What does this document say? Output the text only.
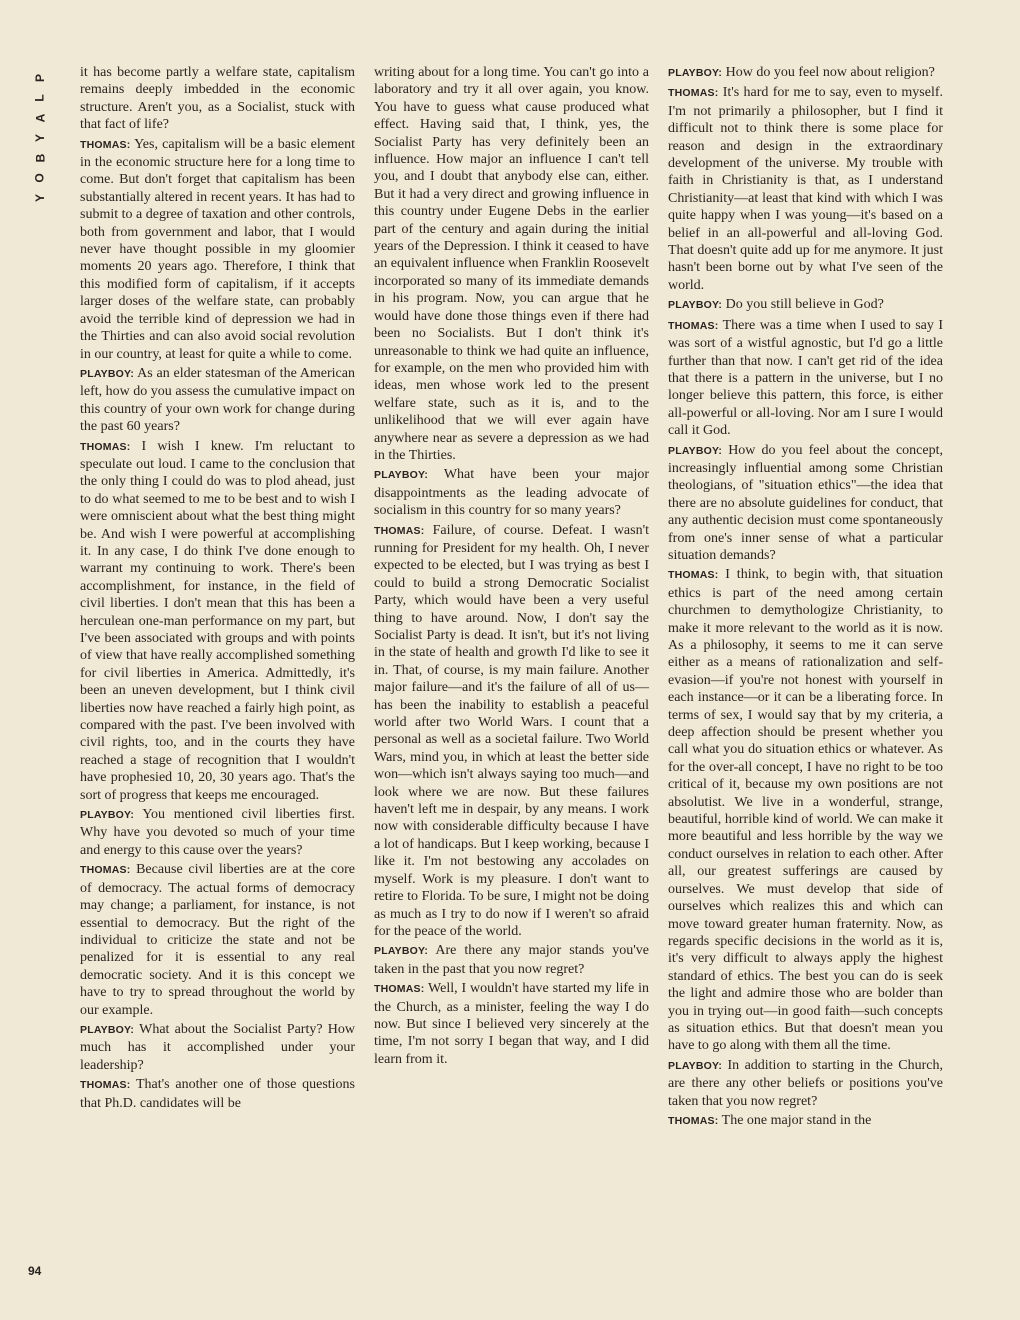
P
L
A
Y
B
O
Y

it has become partly a welfare state, capitalism remains deeply imbedded in the economic structure. Aren't you, as a Socialist, stuck with that fact of life?

THOMAS: Yes, capitalism will be a basic element in the economic structure here for a long time to come. But don't forget that capitalism has been substantially altered in recent years. It has had to submit to a degree of taxation and other controls, both from government and labor, that I would never have thought possible in my gloomier moments 20 years ago. Therefore, I think that this modified form of capitalism, if it accepts larger doses of the welfare state, can probably avoid the terrible kind of depression we had in the Thirties and can also avoid social revolution in our country, at least for quite a while to come.

PLAYBOY: As an elder statesman of the American left, how do you assess the cumulative impact on this country of your own work for change during the past 60 years?

THOMAS: I wish I knew. I'm reluctant to speculate out loud. I came to the conclusion that the only thing I could do was to plod ahead, just to do what seemed to me to be best and to wish I were omniscient about what the best thing might be. And wish I were powerful at accomplishing it. In any case, I do think I've done enough to warrant my continuing to work. There's been accomplishment, for instance, in the field of civil liberties. I don't mean that this has been a herculean one-man performance on my part, but I've been associated with groups and with points of view that have really accomplished something for civil liberties in America. Admittedly, it's been an uneven development, but I think civil liberties now have reached a fairly high point, as compared with the past. I've been involved with civil rights, too, and in the courts they have reached a stage of recognition that I wouldn't have prophesied 10, 20, 30 years ago. That's the sort of progress that keeps me encouraged.

PLAYBOY: You mentioned civil liberties first. Why have you devoted so much of your time and energy to this cause over the years?

THOMAS: Because civil liberties are at the core of democracy. The actual forms of democracy may change; a parliament, for instance, is not essential to democracy. But the right of the individual to criticize the state and not be penalized for it is essential to any real democratic society. And it is this concept we have to try to spread throughout the world by our example.

PLAYBOY: What about the Socialist Party? How much has it accomplished under your leadership?

THOMAS: That's another one of those questions that Ph.D. candidates will be

writing about for a long time. You can't go into a laboratory and try it all over again, you know. You have to guess what cause produced what effect. Having said that, I think, yes, the Socialist Party has very definitely been an influence. How major an influence I can't tell you, and I doubt that anybody else can, either. But it had a very direct and growing influence in this country under Eugene Debs in the earlier part of the century and again during the initial years of the Depression. I think it ceased to have an equivalent influence when Franklin Roosevelt incorporated so many of its immediate demands in his program. Now, you can argue that he would have done those things even if there had been no Socialists. But I don't think it's unreasonable to think we had quite an influence, for example, on the men who provided him with ideas, men whose work led to the present welfare state, such as it is, and to the unlikelihood that we will ever again have anywhere near as severe a depression as we had in the Thirties.

PLAYBOY: What have been your major disappointments as the leading advocate of socialism in this country for so many years?

THOMAS: Failure, of course. Defeat. I wasn't running for President for my health. Oh, I never expected to be elected, but I was trying as best I could to build a strong Democratic Socialist Party, which would have been a very useful thing to have around. Now, I don't say the Socialist Party is dead. It isn't, but it's not living in the state of health and growth I'd like to see it in. That, of course, is my main failure. Another major failure—and it's the failure of all of us—has been the inability to establish a peaceful world after two World Wars. I count that a personal as well as a societal failure. Two World Wars, mind you, in which at least the better side won—which isn't always saying too much—and look where we are now. But these failures haven't left me in despair, by any means. I work now with considerable difficulty because I have a lot of handicaps. But I keep working, because I like it. I'm not bestowing any accolades on myself. Work is my pleasure. I don't want to retire to Florida. To be sure, I might not be doing as much as I try to do now if I weren't so afraid for the peace of the world.

PLAYBOY: Are there any major stands you've taken in the past that you now regret?

THOMAS: Well, I wouldn't have started my life in the Church, as a minister, feeling the way I do now. But since I believed very sincerely at the time, I'm not sorry I began that way, and I did learn from it.

PLAYBOY: How do you feel now about religion?

THOMAS: It's hard for me to say, even to myself. I'm not primarily a philosopher, but I find it difficult not to think there is some place for reason and design in the extraordinary development of the universe. My trouble with faith in Christianity is that, as I understand Christianity—at least that kind with which I was quite happy when I was young—it's based on a belief in an all-powerful and all-loving God. That doesn't quite add up for me anymore. It just hasn't been borne out by what I've seen of the world.

PLAYBOY: Do you still believe in God?

THOMAS: There was a time when I used to say I was sort of a wistful agnostic, but I'd go a little further than that now. I can't get rid of the idea that there is a pattern in the universe, but I no longer believe this pattern, this force, is either all-powerful or all-loving. Nor am I sure I would call it God.

PLAYBOY: How do you feel about the concept, increasingly influential among some Christian theologians, of "situation ethics"—the idea that there are no absolute guidelines for conduct, that any authentic decision must come spontaneously from one's inner sense of what a particular situation demands?

THOMAS: I think, to begin with, that situation ethics is part of the need among certain churchmen to demythologize Christianity, to make it more relevant to the world as it is now. As a philosophy, it seems to me it can serve either as a means of rationalization and self-evasion—if you're not honest with yourself in each instance—or it can be a liberating force. In terms of sex, I would say that by my criteria, a deep affection should be present whether you call what you do situation ethics or whatever. As for the over-all concept, I have no right to be too critical of it, because my own positions are not absolutist. We live in a wonderful, strange, beautiful, horrible kind of world. We can make it more beautiful and less horrible by the way we conduct ourselves in relation to each other. After all, our greatest sufferings are caused by ourselves. We must develop that side of ourselves which realizes this and which can move toward greater human fraternity. Now, as regards specific decisions in the world as it is, it's very difficult to always apply the highest standard of ethics. The best you can do is seek the light and admire those who are bolder than you in trying out—in good faith—such concepts as situation ethics. But that doesn't mean you have to go along with them all the time.

PLAYBOY: In addition to starting in the Church, are there any other beliefs or positions you've taken that you now regret?

THOMAS: The one major stand in the

94
